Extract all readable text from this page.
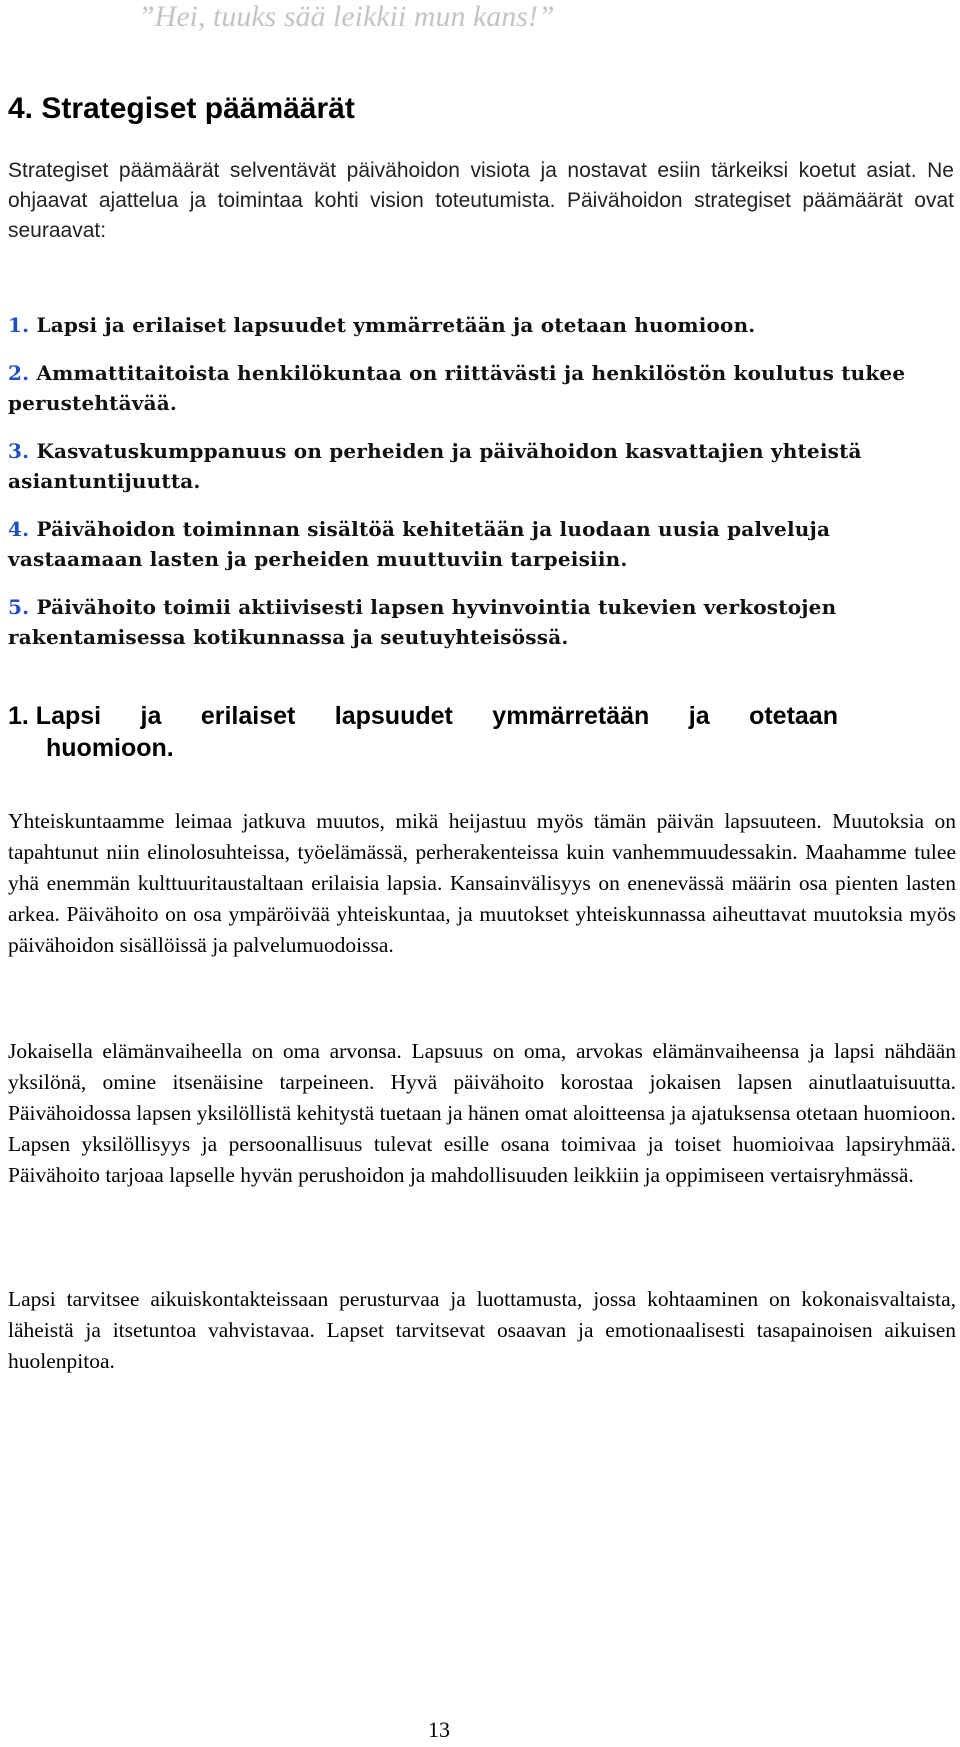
”Hei, tuuks sää leikkii mun kans!”
4. Strategiset päämäärät
Strategiset päämäärät selventävät päivähoidon visiota ja nostavat esiin tärkeiksi koetut asiat. Ne ohjaavat ajattelua ja toimintaa kohti vision toteutumista. Päivähoidon strategiset päämäärät ovat seuraavat:
1. Lapsi ja erilaiset lapsuudet ymmärretään ja otetaan huomioon.
2. Ammattitaitoista henkilökuntaa on riittävästi ja henkilöstön koulutus tukee perustehtävää.
3. Kasvatuskumppanuus on perheiden ja päivähoidon kasvattajien yhteistä asiantuntijuutta.
4. Päivähoidon toiminnan sisältöä kehitetään ja luodaan uusia palveluja vastaamaan lasten ja perheiden muuttuviin tarpeisiin.
5. Päivähoito toimii aktiivisesti lapsen hyvinvointia tukevien verkostojen rakentamisessa kotikunnassa ja seutuyhteisössä.
1. Lapsi ja erilaiset lapsuudet ymmärretään ja otetaan
huomioon.
Yhteiskuntaamme leimaa jatkuva muutos, mikä heijastuu myös tämän päivän lapsuuteen. Muutoksia on tapahtunut niin elinolosuhteissa, työelämässä, perherakenteissa kuin vanhemmuudessakin. Maahamme tulee yhä enemmän kulttuuritaustaltaan erilaisia lapsia. Kansainvälisyys on enenevässä määrin osa pienten lasten arkea. Päivähoito on osa ympäröivää yhteiskuntaa, ja muutokset yhteiskunnassa aiheuttavat muutoksia myös päivähoidon sisällöissä ja palvelumuodoissa.
Jokaisella elämänvaiheella on oma arvonsa. Lapsuus on oma, arvokas elämänvaiheensa ja lapsi nähdään yksilönä, omine itsenäisine tarpeineen. Hyvä päivähoito korostaa jokaisen lapsen ainutlaatuisuutta. Päivähoidossa lapsen yksilöllistä kehitystä tuetaan ja hänen omat aloitteensa ja ajatuksensa otetaan huomioon. Lapsen yksilöllisyys ja persoonallisuus tulevat esille osana toimivaa ja toiset huomioivaa lapsiryhmää. Päivähoito tarjoaa lapselle hyvän perushoidon ja mahdollisuuden leikkiin ja oppimiseen vertaisryhmässä.
Lapsi tarvitsee aikuiskontakteissaan perusturvaa ja luottamusta, jossa kohtaaminen on kokonaisvaltaista, läheistä ja itsetuntoa vahvistavaa. Lapset tarvitsevat osaavan ja emotionaalisesti tasapainoisen aikuisen huolenpitoa.
13
